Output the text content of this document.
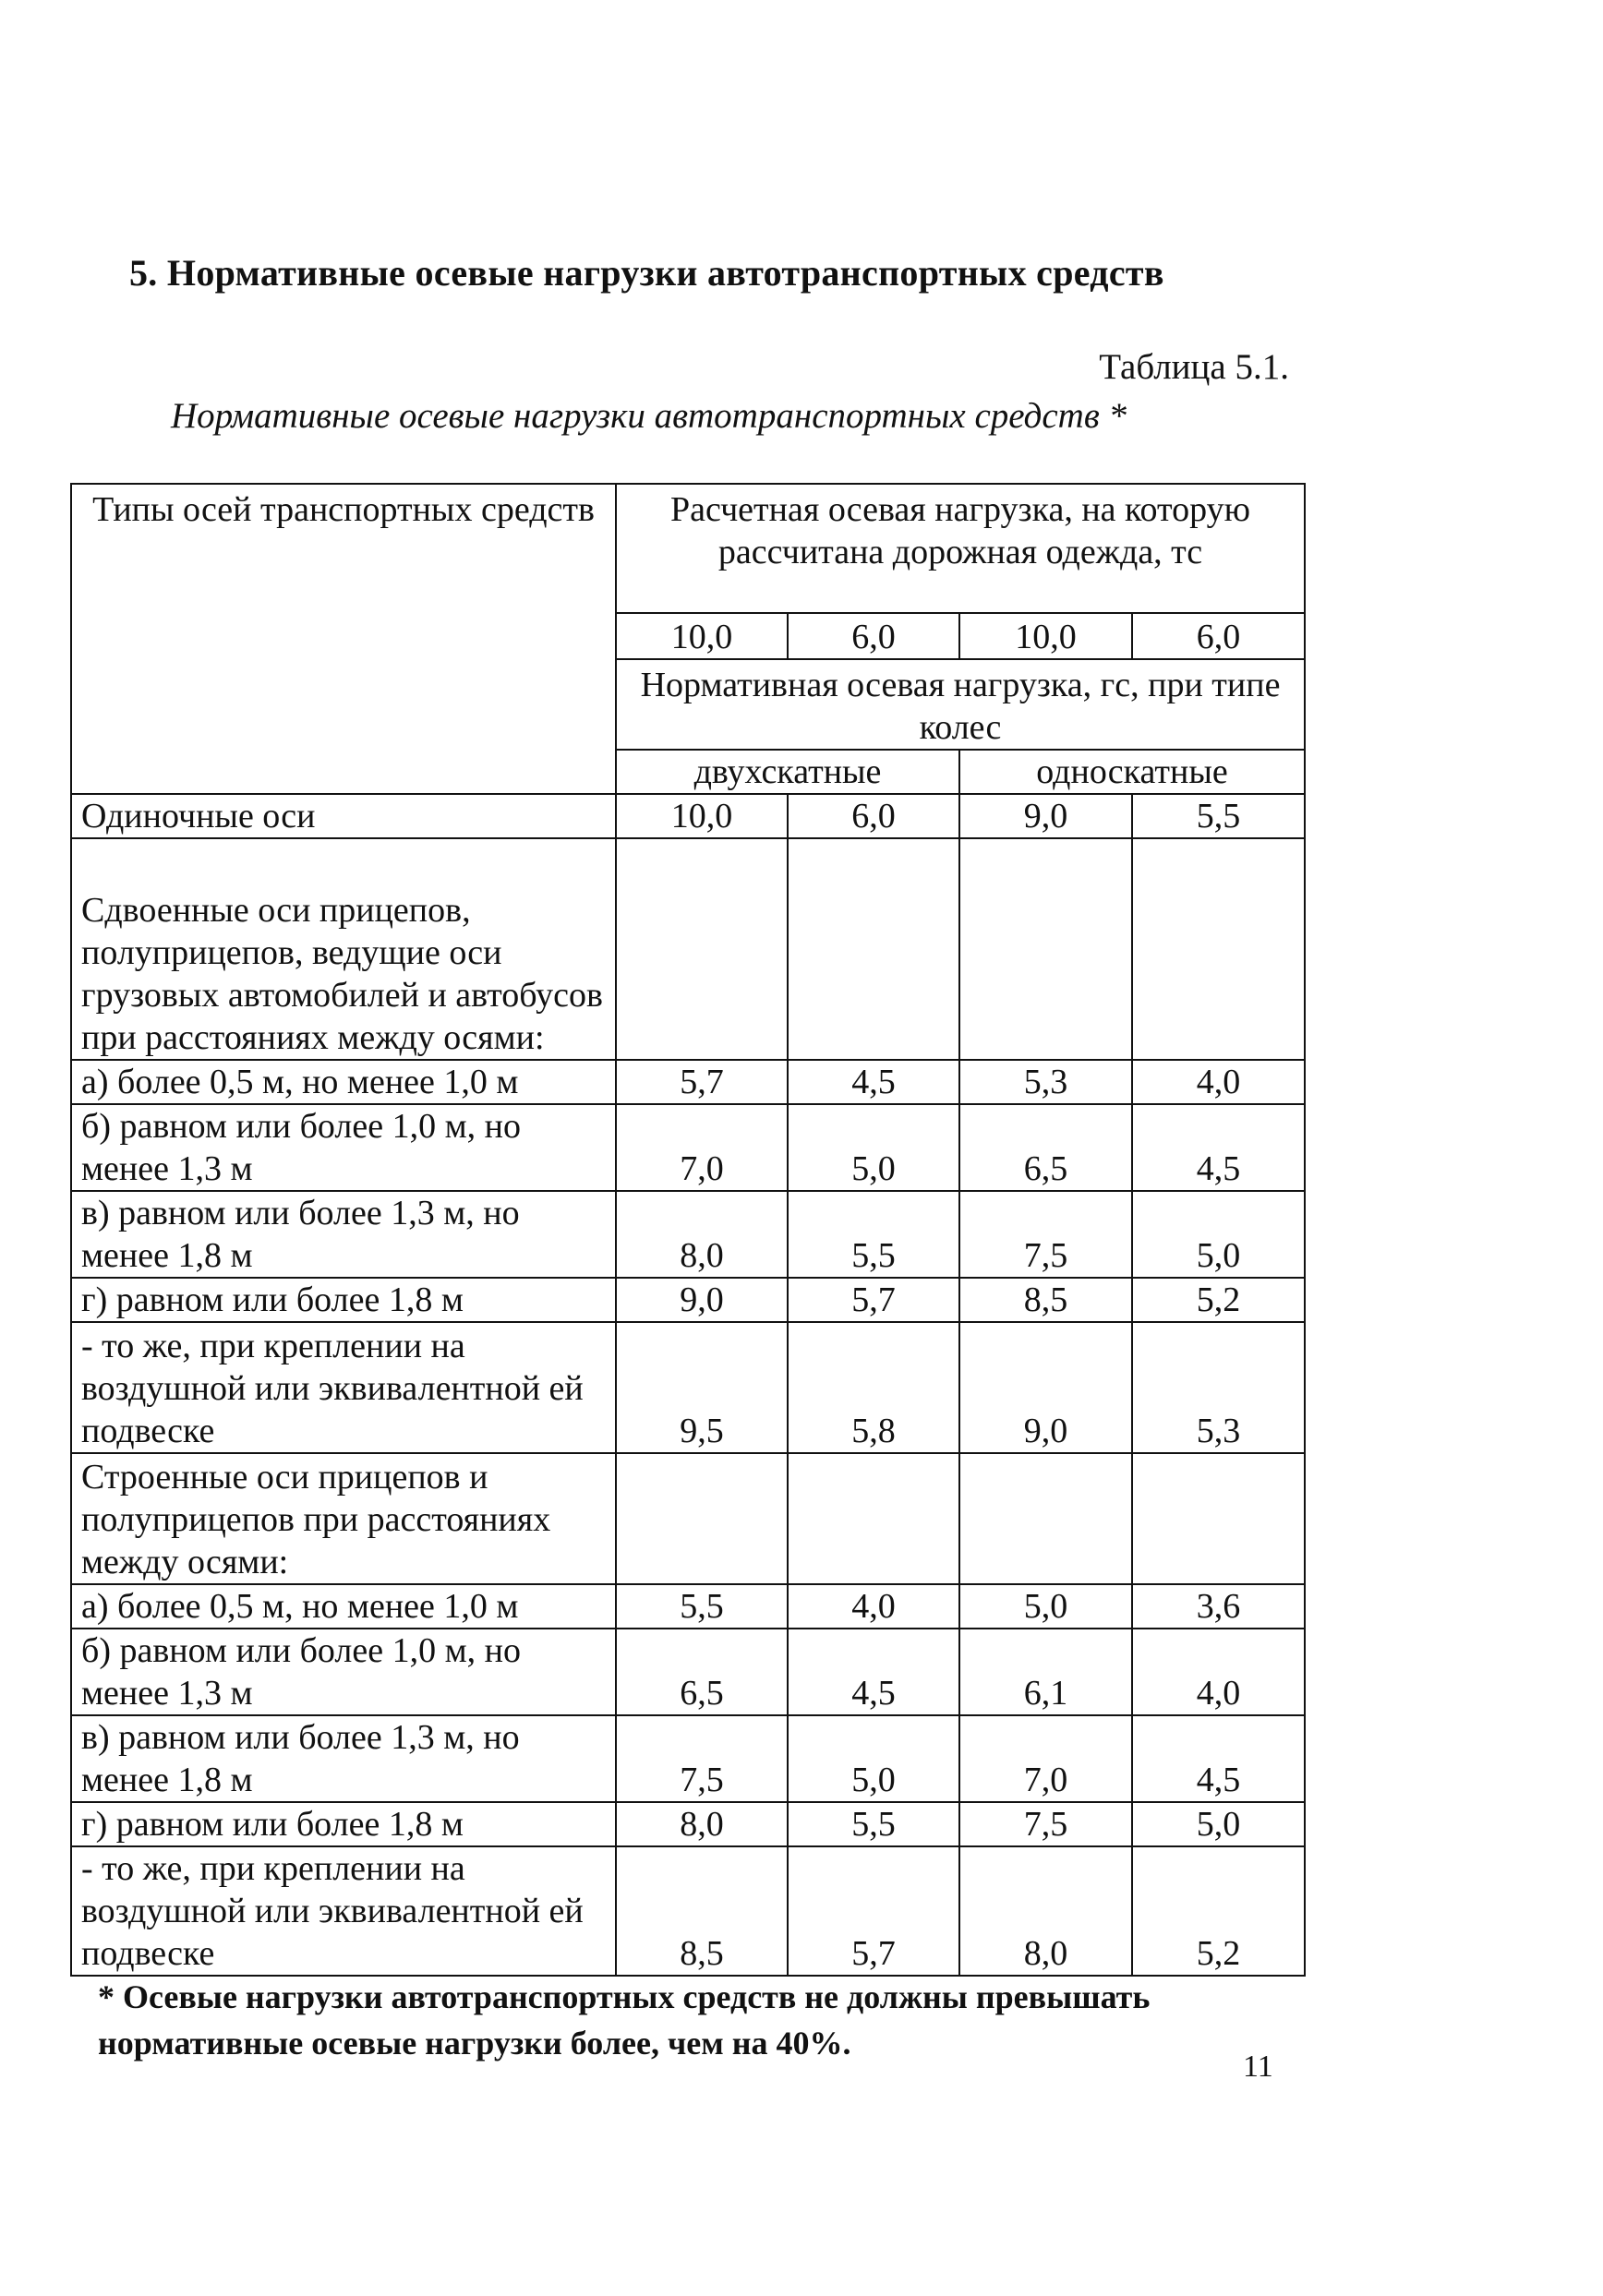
5. Нормативные осевые нагрузки автотранспортных средств
Таблица 5.1.
Нормативные осевые нагрузки автотранспортных средств *
Типы осей транспортных средств	Расчетная осевая нагрузка, на которую рассчитана дорожная одежда, тс			
	10,0	6,0	10,0	6,0
	Нормативная осевая нагрузка, гс, при типе колес			
	двухскатные		односкатные	
Одиночные оси	10,0	6,0	9,0	5,5
Сдвоенные оси прицепов, полуприцепов, ведущие оси грузовых автомобилей и автобусов при расстояниях между осями:				
а) более 0,5 м, но менее 1,0 м	5,7	4,5	5,3	4,0
б) равном или более 1,0 м, но менее 1,3 м	7,0	5,0	6,5	4,5
в) равном или более 1,3 м, но менее 1,8 м	8,0	5,5	7,5	5,0
г) равном или более 1,8 м	9,0	5,7	8,5	5,2
- то же, при креплении на воздушной или эквивалентной ей подвеске	9,5	5,8	9,0	5,3
Строенные оси прицепов и полуприцепов при расстояниях между осями:				
а) более 0,5 м, но менее 1,0 м	5,5	4,0	5,0	3,6
б) равном или более 1,0 м, но менее 1,3 м	6,5	4,5	6,1	4,0
в) равном или более 1,3 м, но менее 1,8 м	7,5	5,0	7,0	4,5
г) равном или более 1,8 м	8,0	5,5	7,5	5,0
- то же, при креплении на воздушной или эквивалентной ей подвеске	8,5	5,7	8,0	5,2
* Осевые нагрузки автотранспортных средств не должны превышать нормативные осевые нагрузки более, чем на 40%.
11
